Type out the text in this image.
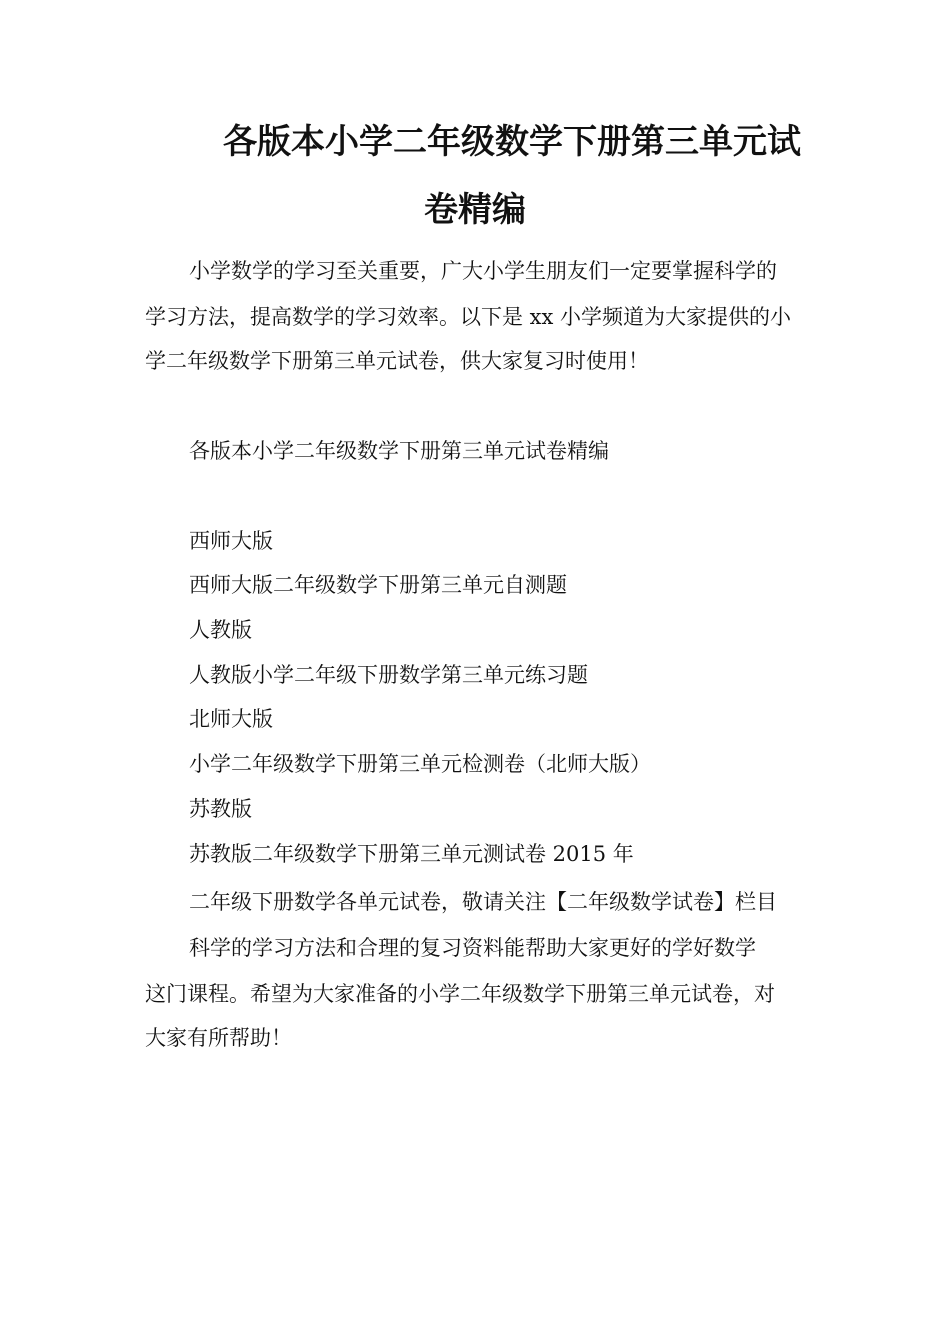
各版本小学二年级数学下册第三单元试
卷精编
小学数学的学习至关重要，广大小学生朋友们一定要掌握科学的
学习方法，提高数学的学习效率。以下是 xx 小学频道为大家提供的小
学二年级数学下册第三单元试卷，供大家复习时使用！
各版本小学二年级数学下册第三单元试卷精编
西师大版
西师大版二年级数学下册第三单元自测题
人教版
人教版小学二年级下册数学第三单元练习题
北师大版
小学二年级数学下册第三单元检测卷（北师大版）
苏教版
苏教版二年级数学下册第三单元测试卷 2015 年
二年级下册数学各单元试卷，敬请关注【二年级数学试卷】栏目
科学的学习方法和合理的复习资料能帮助大家更好的学好数学
这门课程。希望为大家准备的小学二年级数学下册第三单元试卷，对
大家有所帮助！
